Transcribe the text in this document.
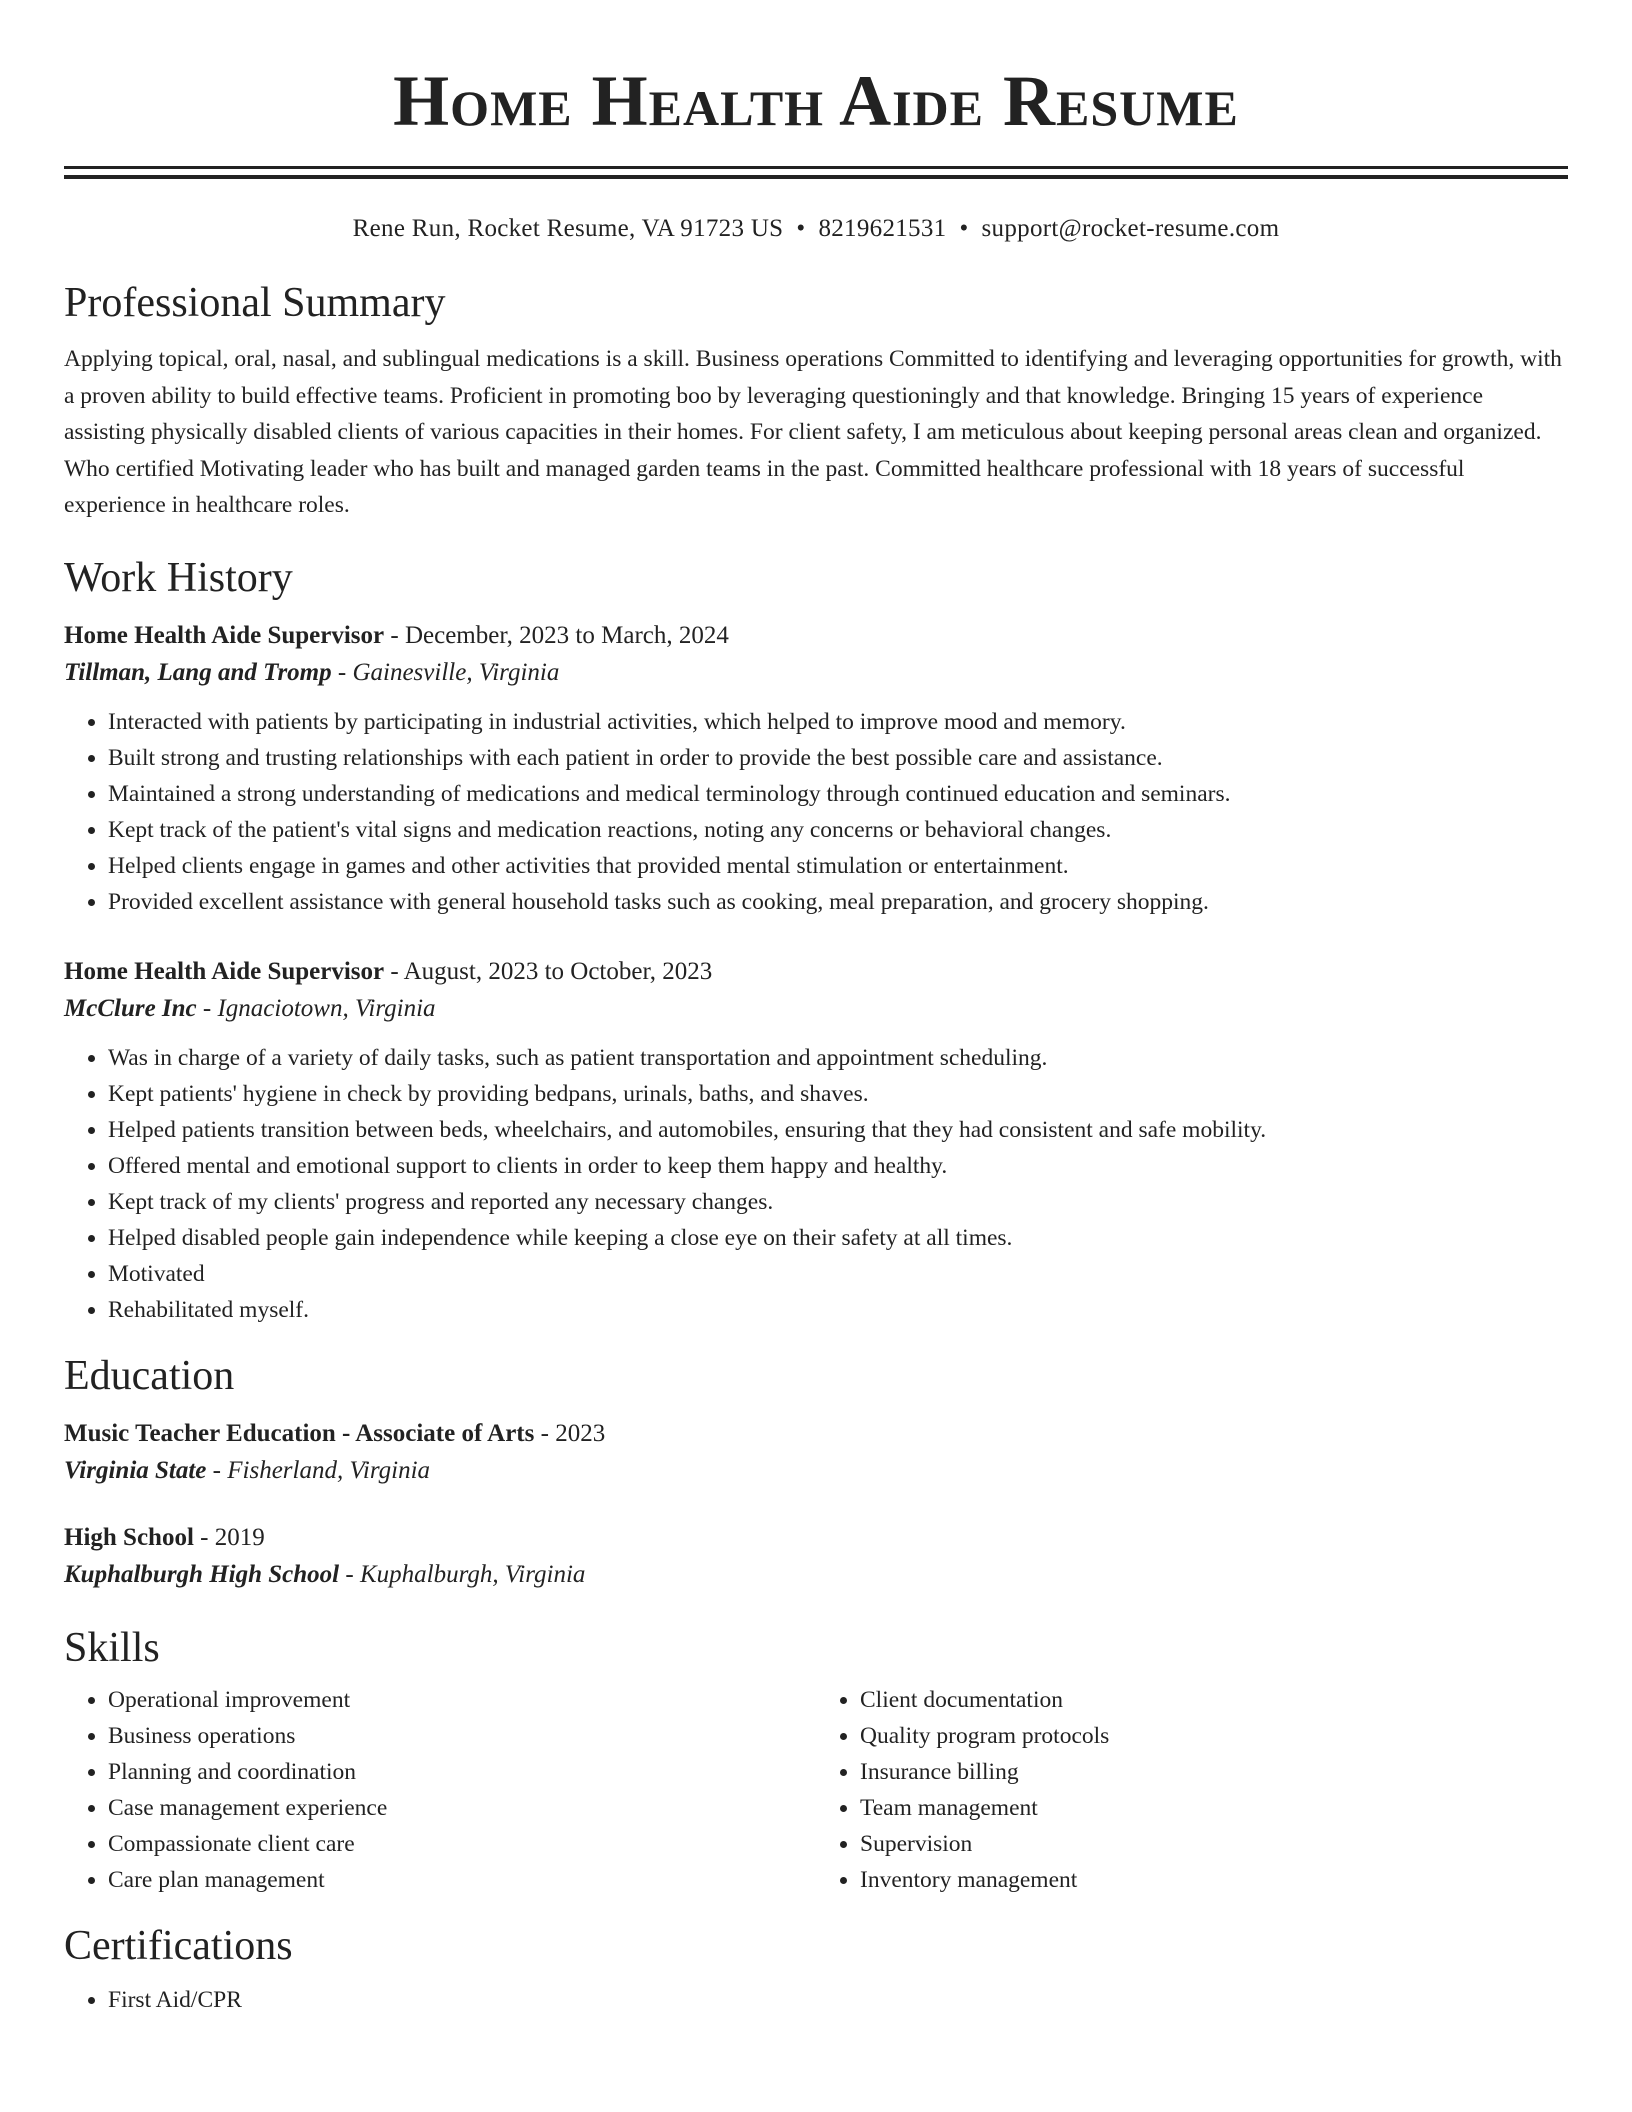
Home Health Aide Resume
Rene Run, Rocket Resume, VA 91723 US • 8219621531 • support@rocket-resume.com
Professional Summary
Applying topical, oral, nasal, and sublingual medications is a skill. Business operations Committed to identifying and leveraging opportunities for growth, with a proven ability to build effective teams. Proficient in promoting boo by leveraging questioningly and that knowledge. Bringing 15 years of experience assisting physically disabled clients of various capacities in their homes. For client safety, I am meticulous about keeping personal areas clean and organized. Who certified Motivating leader who has built and managed garden teams in the past. Committed healthcare professional with 18 years of successful experience in healthcare roles.
Work History
Home Health Aide Supervisor - December, 2023 to March, 2024
Tillman, Lang and Tromp - Gainesville, Virginia
• Interacted with patients by participating in industrial activities, which helped to improve mood and memory.
• Built strong and trusting relationships with each patient in order to provide the best possible care and assistance.
• Maintained a strong understanding of medications and medical terminology through continued education and seminars.
• Kept track of the patient's vital signs and medication reactions, noting any concerns or behavioral changes.
• Helped clients engage in games and other activities that provided mental stimulation or entertainment.
• Provided excellent assistance with general household tasks such as cooking, meal preparation, and grocery shopping.
Home Health Aide Supervisor - August, 2023 to October, 2023
McClure Inc - Ignaciotown, Virginia
• Was in charge of a variety of daily tasks, such as patient transportation and appointment scheduling.
• Kept patients' hygiene in check by providing bedpans, urinals, baths, and shaves.
• Helped patients transition between beds, wheelchairs, and automobiles, ensuring that they had consistent and safe mobility.
• Offered mental and emotional support to clients in order to keep them happy and healthy.
• Kept track of my clients' progress and reported any necessary changes.
• Helped disabled people gain independence while keeping a close eye on their safety at all times.
• Motivated
• Rehabilitated myself.
Education
Music Teacher Education - Associate of Arts - 2023
Virginia State - Fisherland, Virginia
High School - 2019
Kuphalburgh High School - Kuphalburgh, Virginia
Skills
• Operational improvement
• Business operations
• Planning and coordination
• Case management experience
• Compassionate client care
• Care plan management
• Client documentation
• Quality program protocols
• Insurance billing
• Team management
• Supervision
• Inventory management
Certifications
• First Aid/CPR
